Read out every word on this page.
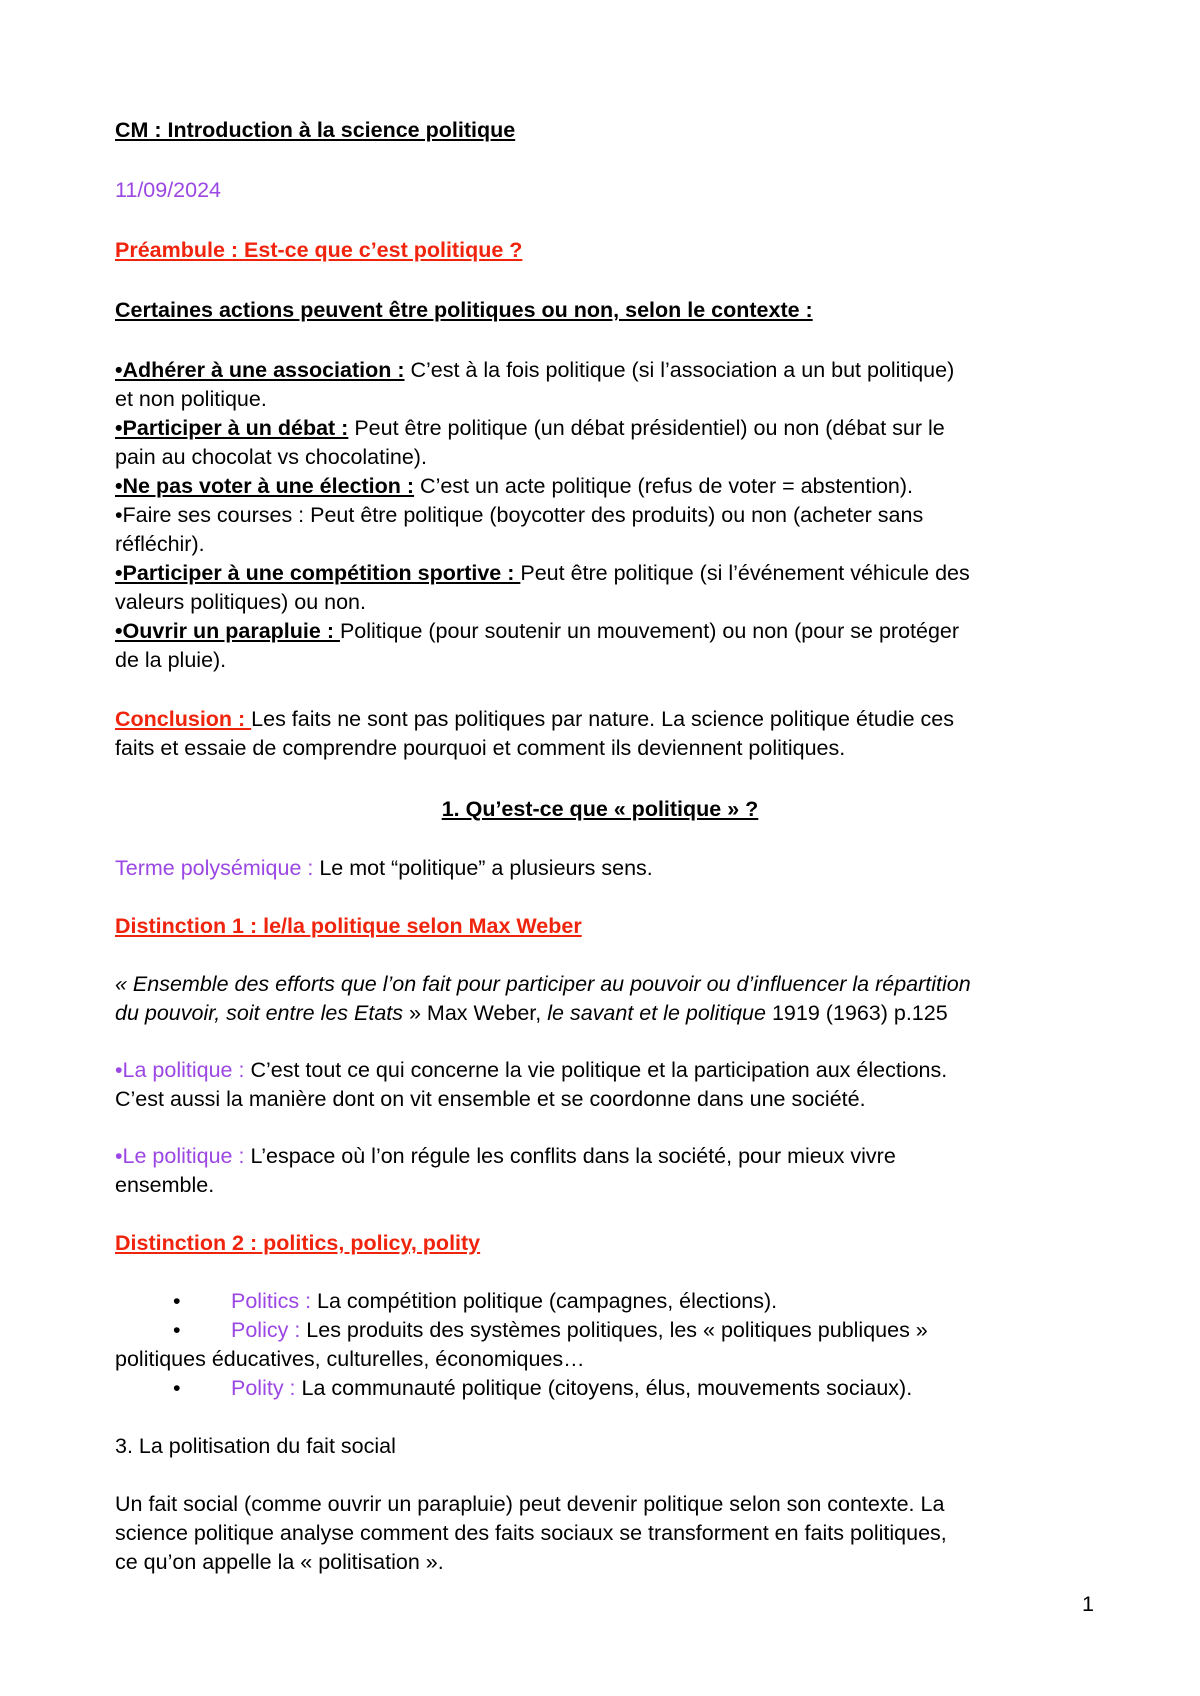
CM : Introduction à la science politique

11/09/2024

Préambule : Est-ce que c’est politique ?

Certaines actions peuvent être politiques ou non, selon le contexte :

•Adhérer à une association : C’est à la fois politique (si l’association a un but politique)
et non politique.

•Participer à un débat : Peut être politique (un débat présidentiel) ou non (débat sur le
pain au chocolat vs chocolatine).

•Ne pas voter à une élection : C’est un acte politique (refus de voter = abstention).

•Faire ses courses : Peut être politique (boycotter des produits) ou non (acheter sans
réfléchir).

•Participer à une compétition sportive : Peut être politique (si l’événement véhicule des
valeurs politiques) ou non.

•Ouvrir un parapluie : Politique (pour soutenir un mouvement) ou non (pour se protéger
de la pluie).

Conclusion : Les faits ne sont pas politiques par nature. La science politique étudie ces
faits et essaie de comprendre pourquoi et comment ils deviennent politiques.

1. Qu’est-ce que « politique » ?

Terme polysémique : Le mot “politique” a plusieurs sens.

Distinction 1 : le/la politique selon Max Weber

« Ensemble des efforts que l’on fait pour participer au pouvoir ou d’influencer la répartition
du pouvoir, soit entre les Etats » Max Weber, le savant et le politique 1919 (1963) p.125

•La politique : C’est tout ce qui concerne la vie politique et la participation aux élections.
C’est aussi la manière dont on vit ensemble et se coordonne dans une société.

•Le politique : L’espace où l’on régule les conflits dans la société, pour mieux vivre
ensemble.

Distinction 2 : politics, policy, polity

• Politics : La compétition politique (campagnes, élections).

• Policy : Les produits des systèmes politiques, les « politiques publiques »
politiques éducatives, culturelles, économiques…

• Polity : La communauté politique (citoyens, élus, mouvements sociaux).

3. La politisation du fait social

Un fait social (comme ouvrir un parapluie) peut devenir politique selon son contexte. La
science politique analyse comment des faits sociaux se transforment en faits politiques,
ce qu’on appelle la « politisation ».

1
